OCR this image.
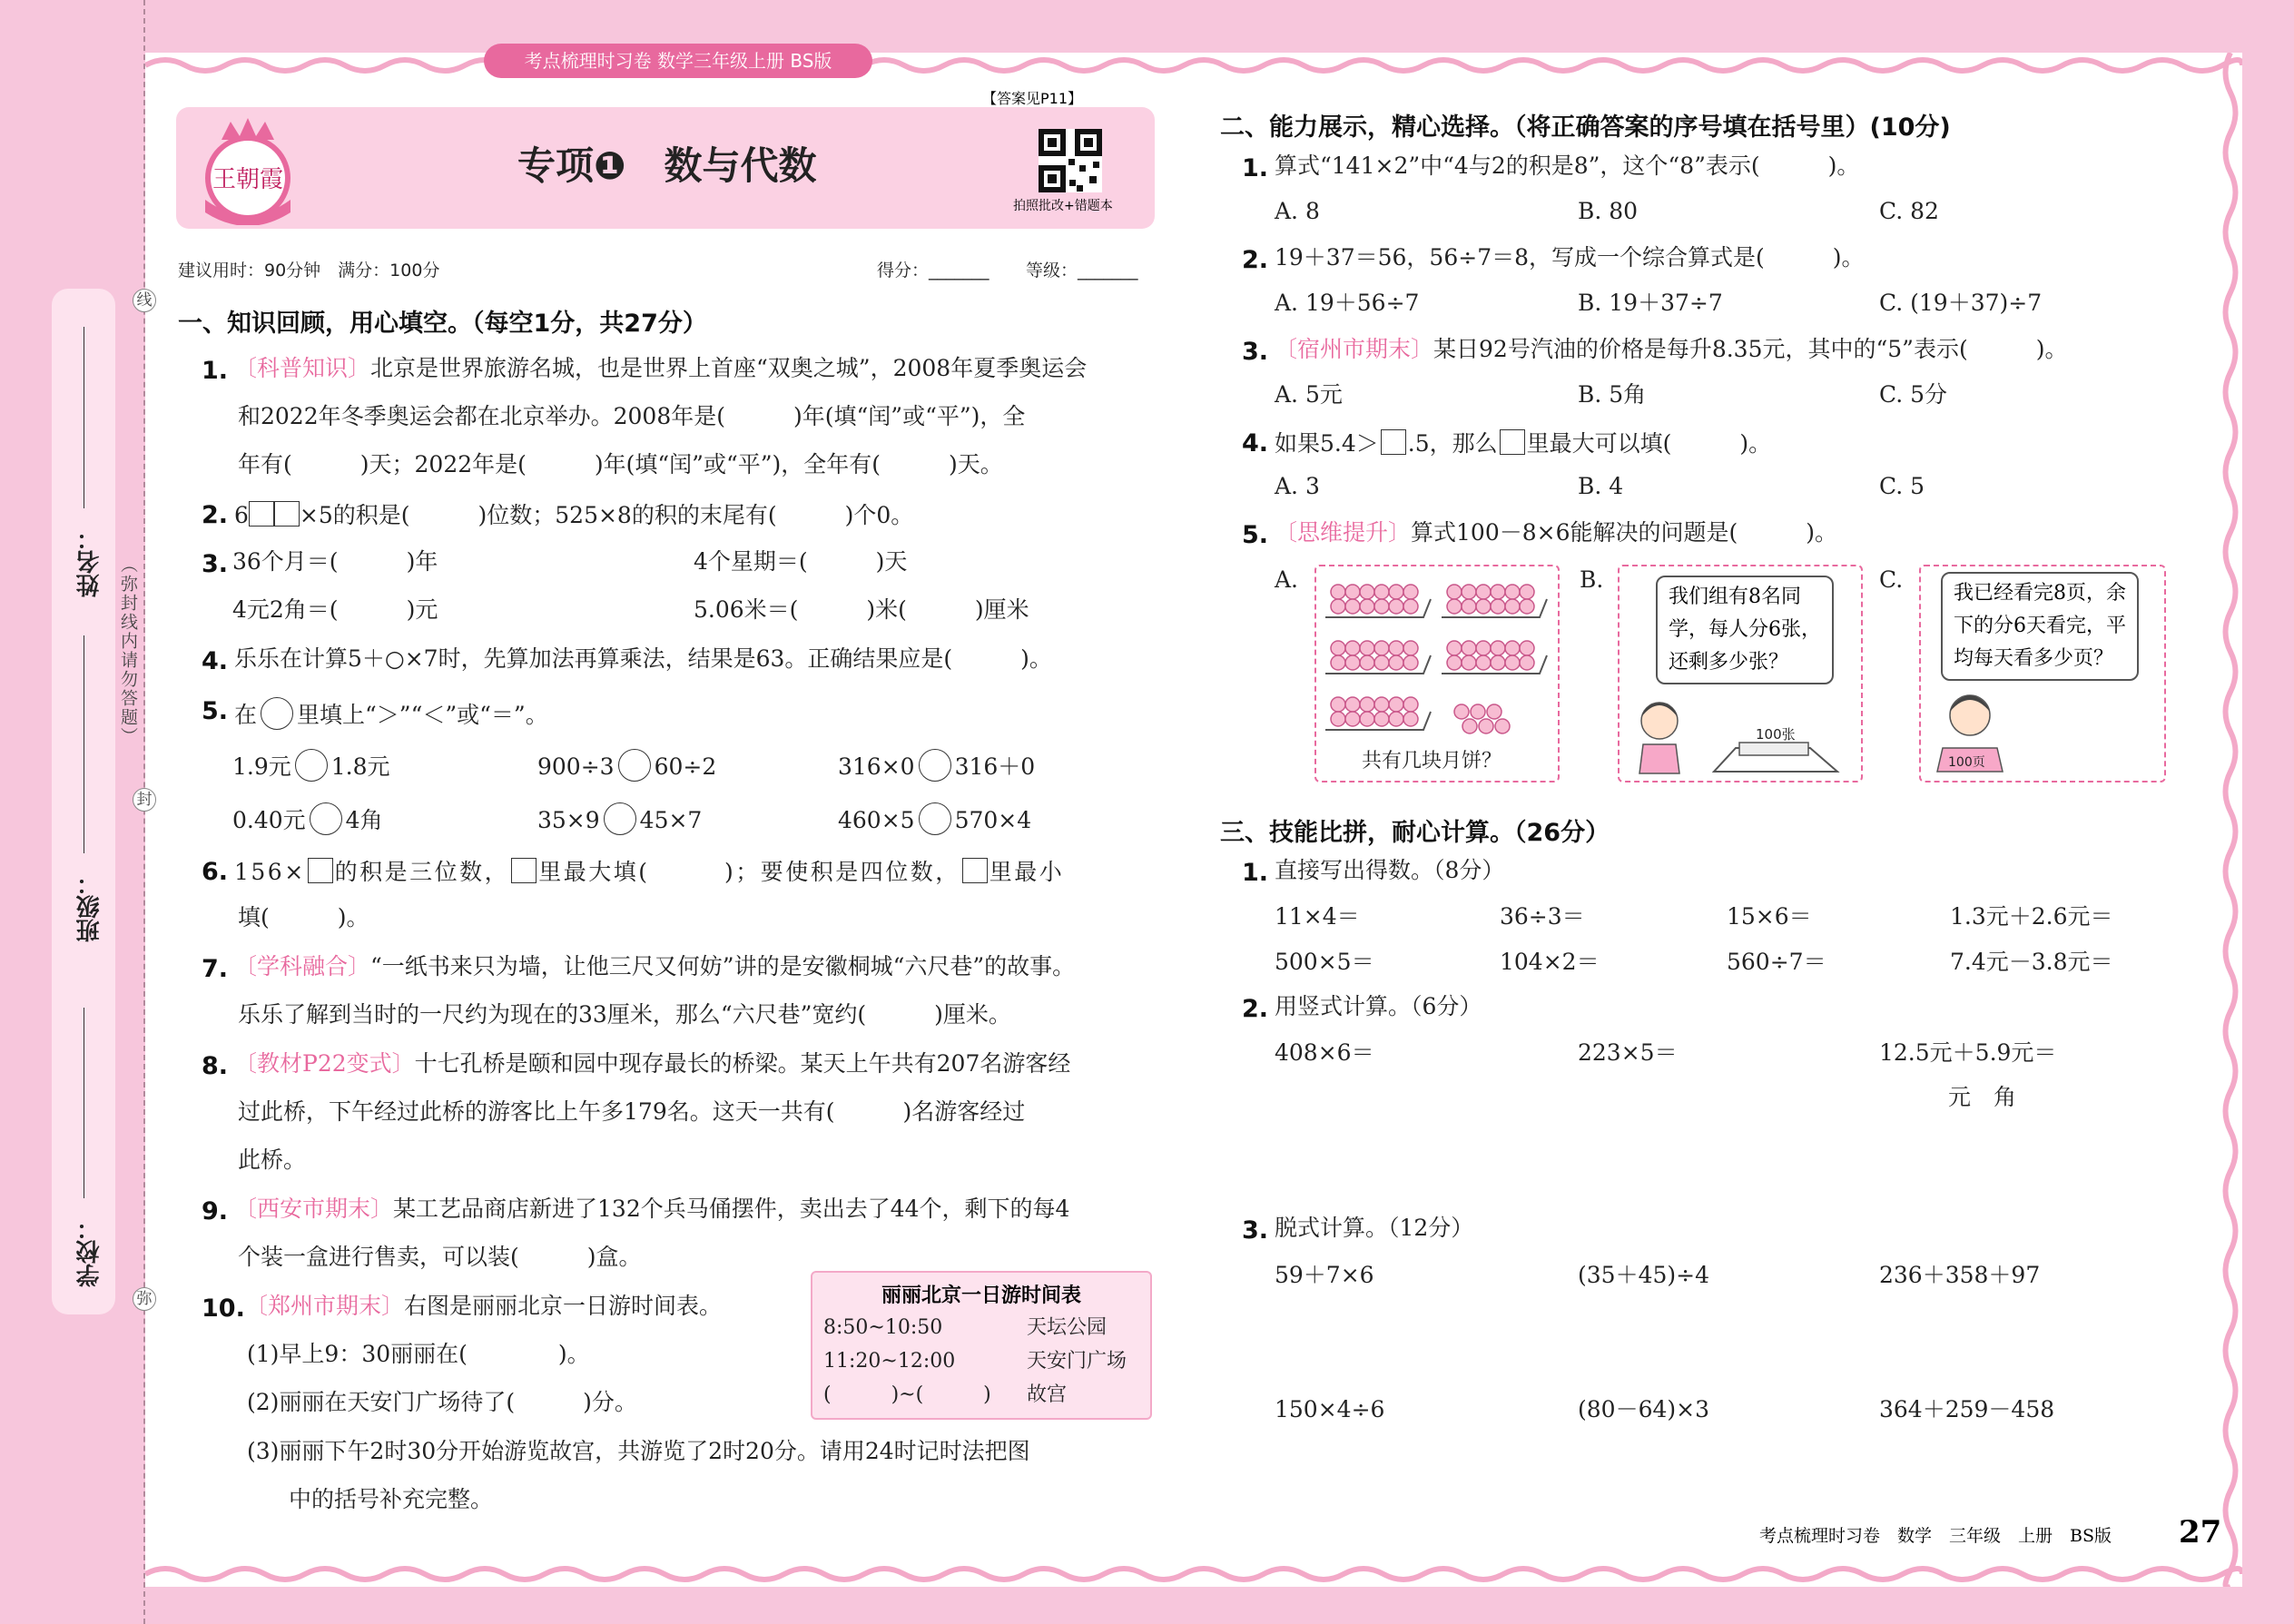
姓名：
班级：
学校：
（弥封线内请勿答题）
线
封
弥
考点梳理时习卷 数学三年级上册 BS版
【答案见P11】
王朝霞	专项❶　数与代数
拍照批改+错题本
建议用时：90分钟　满分：100分	得分：_______ 等级：_______
一、知识回顾，用心填空。（每空1分，共27分）
1. 〔科普知识〕北京是世界旅游名城，也是世界上首座“双奥之城”，2008年夏季奥运会
和2022年冬季奥运会都在北京举办。2008年是(　　　)年(填“闰”或“平”)，全
年有(　　　)天；2022年是(　　　)年(填“闰”或“平”)，全年有(　　　)天。
2. 6 ×5的积是(　　　)位数；525×8的积的末尾有(　　　)个0。
3. 36个月＝(　　　)年	4个星期＝(　　　)天
4元2角＝(　　　)元	5.06米＝(　　　)米(　　　)厘米
4. 乐乐在计算5＋○×7时，先算加法再算乘法，结果是63。正确结果应是(　　　)。
5. 在 里填上“＞”“＜”或“＝”。
1.9元 1.8元	900÷3 60÷2	316×0 316＋0
0.40元 4角	35×9 45×7	460×5 570×4
6. 156× 的积是三位数， 里最大填(　　　)；要使积是四位数， 里最小
填(　　　)。
7. 〔学科融合〕“一纸书来只为墙，让他三尺又何妨”讲的是安徽桐城“六尺巷”的故事。
乐乐了解到当时的一尺约为现在的33厘米，那么“六尺巷”宽约(　　　)厘米。
8. 〔教材P22变式〕十七孔桥是颐和园中现存最长的桥梁。某天上午共有207名游客经
过此桥，下午经过此桥的游客比上午多179名。这天一共有(　　　)名游客经过
此桥。
9. 〔西安市期末〕某工艺品商店新进了132个兵马俑摆件，卖出去了44个，剩下的每4
个装一盒进行售卖，可以装(　　　)盒。
10. 〔郑州市期末〕右图是丽丽北京一日游时间表。
(1)早上9：30丽丽在(　　　　)。
(2)丽丽在天安门广场待了(　　　)分。
(3)丽丽下午2时30分开始游览故宫，共游览了2时20分。请用24时记时法把图
中的括号补充完整。
丽丽北京一日游时间表
8:50~10:50	天坛公园
11:20~12:00	天安门广场
(　　　)~(　　　) 故宫
二、能力展示，精心选择。（将正确答案的序号填在括号里）(10分)
1. 算式“141×2”中“4与2的积是8”，这个“8”表示(　　　)。
A. 8	B. 80	C. 82
2. 19＋37＝56，56÷7＝8，写成一个综合算式是(　　　)。
A. 19＋56÷7	B. 19＋37÷7	C. (19＋37)÷7
3. 〔宿州市期末〕某日92号汽油的价格是每升8.35元，其中的“5”表示(　　　)。
A. 5元	B. 5角	C. 5分
4. 如果5.4＞ .5，那么 里最大可以填(　　　)。
A. 3	B. 4	C. 5
5. 〔思维提升〕算式100－8×6能解决的问题是(　　　)。
A.
共有几块月饼？
B.
我们组有8名同
学，每人分6张，
还剩多少张？
100张
C.
我已经看完8页，余
下的分6天看完，平
均每天看多少页？
100页
三、技能比拼，耐心计算。（26分）
1. 直接写出得数。（8分）
11×4＝	36÷3＝	15×6＝	1.3元＋2.6元＝
500×5＝	104×2＝	560÷7＝	7.4元－3.8元＝
2. 用竖式计算。（6分）
408×6＝	223×5＝	12.5元＋5.9元＝
元　角
3. 脱式计算。（12分）
59＋7×6	(35＋45)÷4	236＋358＋97
150×4÷6	(80－64)×3	364＋259－458
考点梳理时习卷　数学　三年级　上册　BS版 27
